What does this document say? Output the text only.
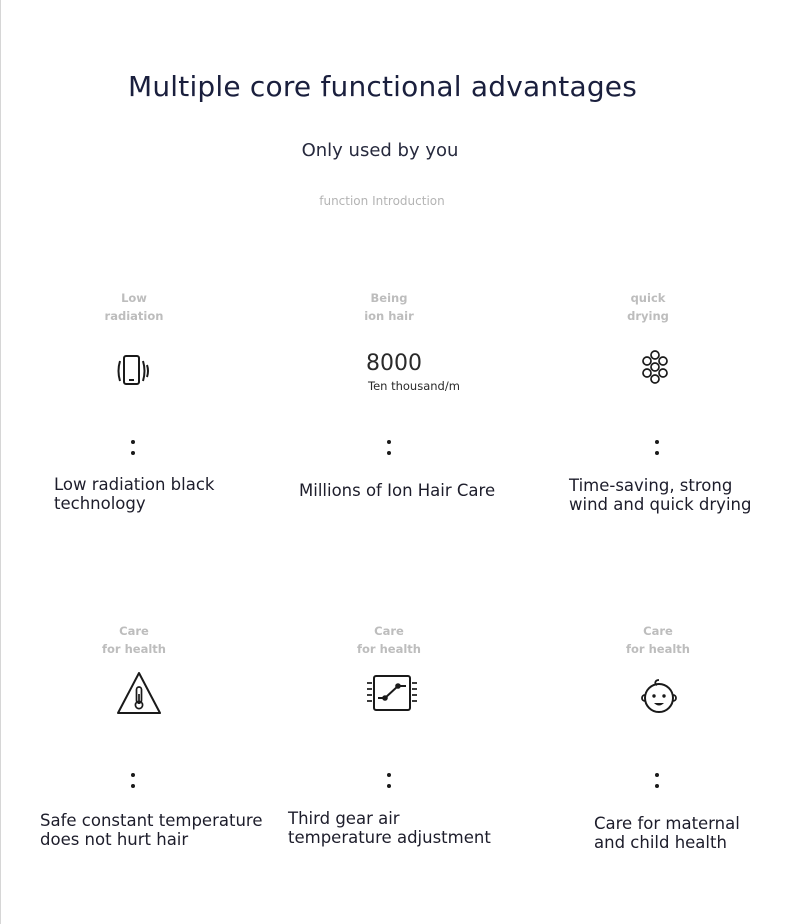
Multiple core functional advantages
Only used by you
function Introduction
Low
radiation
Low radiation black
technology
Being
ion hair
8000
Ten thousand/m
Millions of Ion Hair Care
quick
drying
Time-saving, strong
wind and quick drying
Care
for health
Safe constant temperature
does not hurt hair
Care
for health
Third gear air
temperature adjustment
Care
for health
Care for maternal
and child health
